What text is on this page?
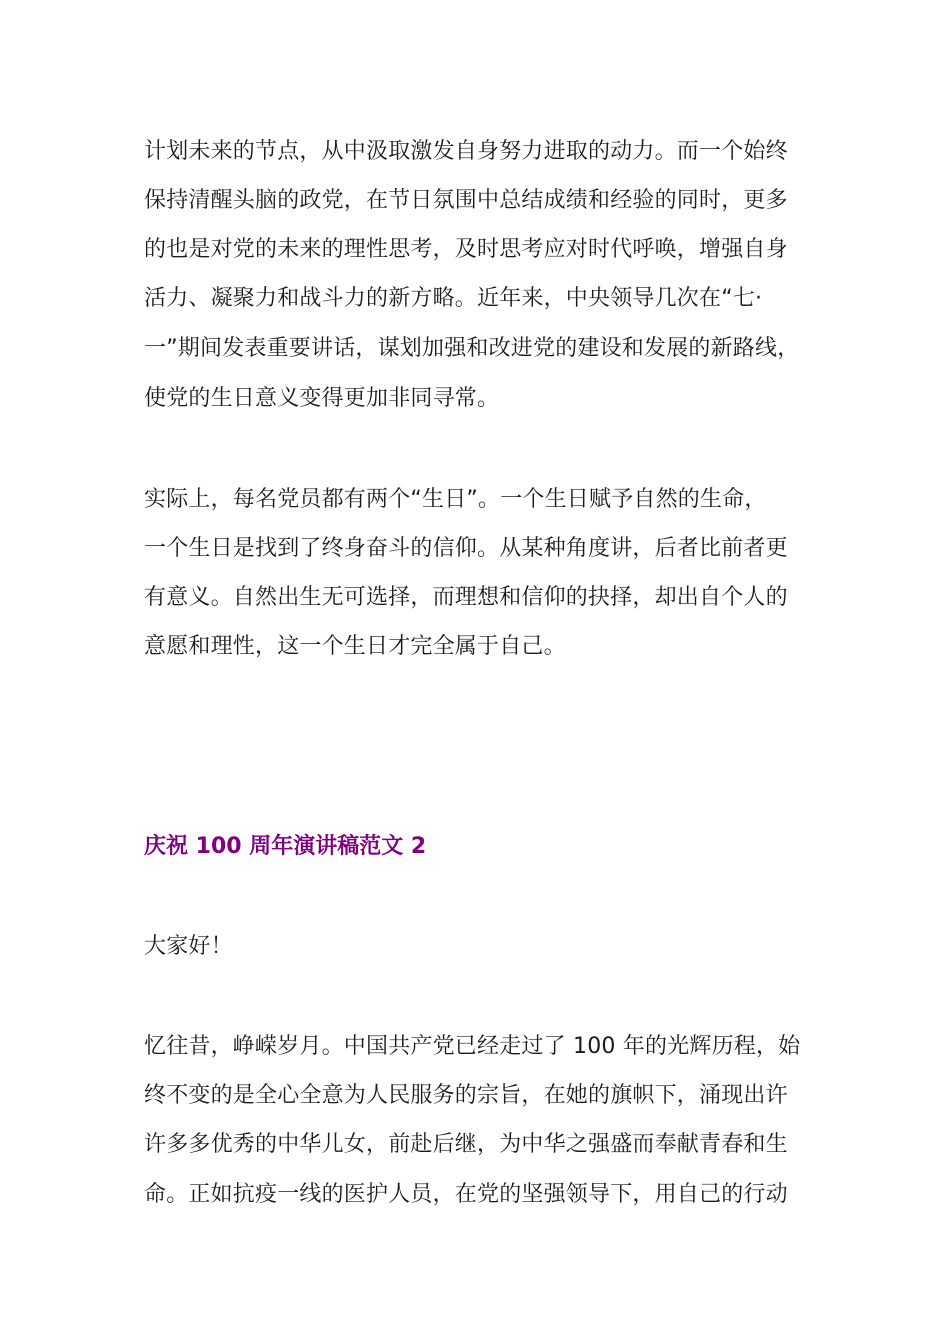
计划未来的节点，从中汲取激发自身努力进取的动力。而一个始终
保持清醒头脑的政党，在节日氛围中总结成绩和经验的同时，更多
的也是对党的未来的理性思考，及时思考应对时代呼唤，增强自身
活力、凝聚力和战斗力的新方略。近年来，中央领导几次在“七·
一”期间发表重要讲话，谋划加强和改进党的建设和发展的新路线，
使党的生日意义变得更加非同寻常。
实际上，每名党员都有两个“生日”。一个生日赋予自然的生命，
一个生日是找到了终身奋斗的信仰。从某种角度讲，后者比前者更
有意义。自然出生无可选择，而理想和信仰的抉择，却出自个人的
意愿和理性，这一个生日才完全属于自己。
庆祝 100 周年演讲稿范文 2
大家好！
忆往昔，峥嵘岁月。中国共产党已经走过了 100 年的光辉历程，始
终不变的是全心全意为人民服务的宗旨，在她的旗帜下，涌现出许
许多多优秀的中华儿女，前赴后继，为中华之强盛而奉献青春和生
命。正如抗疫一线的医护人员，在党的坚强领导下，用自己的行动
